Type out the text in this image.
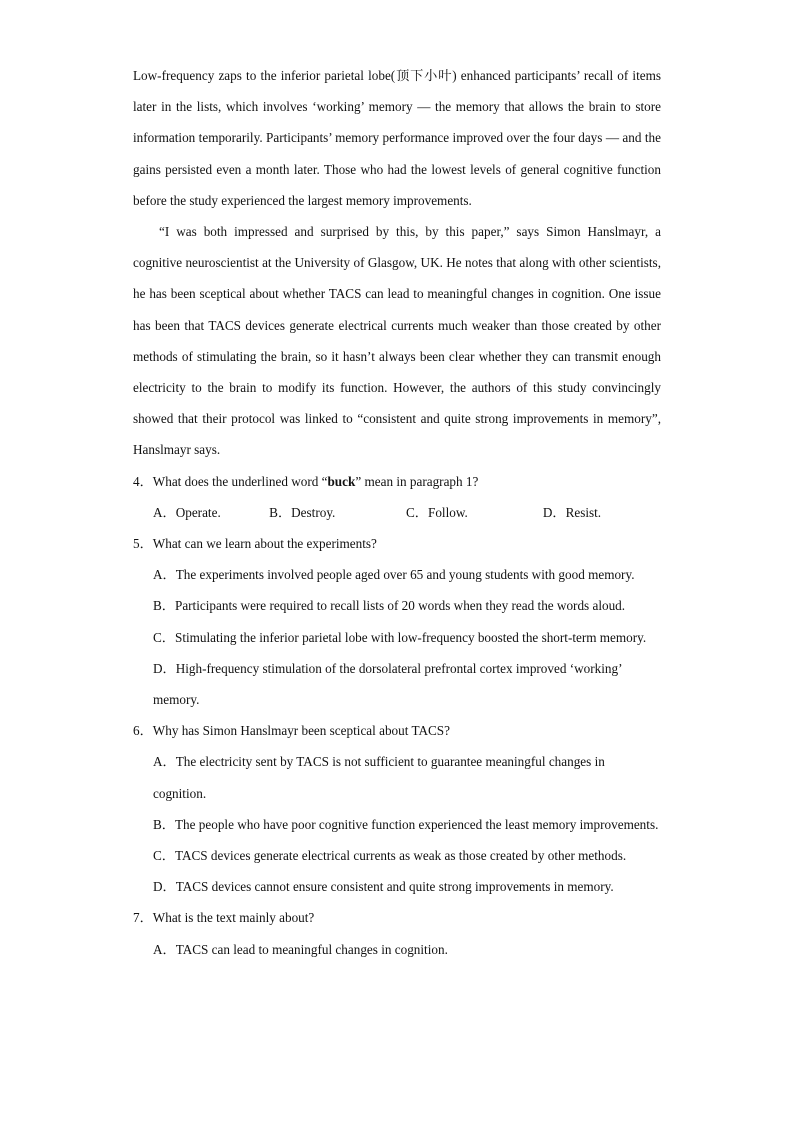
Low-frequency zaps to the inferior parietal lobe(顶下小叶) enhanced participants’ recall of items later in the lists, which involves ‘working’ memory — the memory that allows the brain to store information temporarily. Participants’ memory performance improved over the four days — and the gains persisted even a month later. Those who had the lowest levels of general cognitive function before the study experienced the largest memory improvements.

“I was both impressed and surprised by this, by this paper,” says Simon Hanslmayr, a cognitive neuroscientist at the University of Glasgow, UK. He notes that along with other scientists, he has been sceptical about whether TACS can lead to meaningful changes in cognition. One issue has been that TACS devices generate electrical currents much weaker than those created by other methods of stimulating the brain, so it hasn’t always been clear whether they can transmit enough electricity to the brain to modify its function. However, the authors of this study convincingly showed that their protocol was linked to “consistent and quite strong improvements in memory”, Hanslmayr says.

4．What does the underlined word “buck” mean in paragraph 1?

A．Operate.	B．Destroy.	C．Follow.	D．Resist.

5．What can we learn about the experiments?

A．The experiments involved people aged over 65 and young students with good memory.

B．Participants were required to recall lists of 20 words when they read the words aloud.

C．Stimulating the inferior parietal lobe with low-frequency boosted the short-term memory.

D．High-frequency stimulation of the dorsolateral prefrontal cortex improved ‘working’ memory.

6．Why has Simon Hanslmayr been sceptical about TACS?

A．The electricity sent by TACS is not sufficient to guarantee meaningful changes in cognition.

B．The people who have poor cognitive function experienced the least memory improvements.

C．TACS devices generate electrical currents as weak as those created by other methods.

D．TACS devices cannot ensure consistent and quite strong improvements in memory.

7．What is the text mainly about?

A．TACS can lead to meaningful changes in cognition.
